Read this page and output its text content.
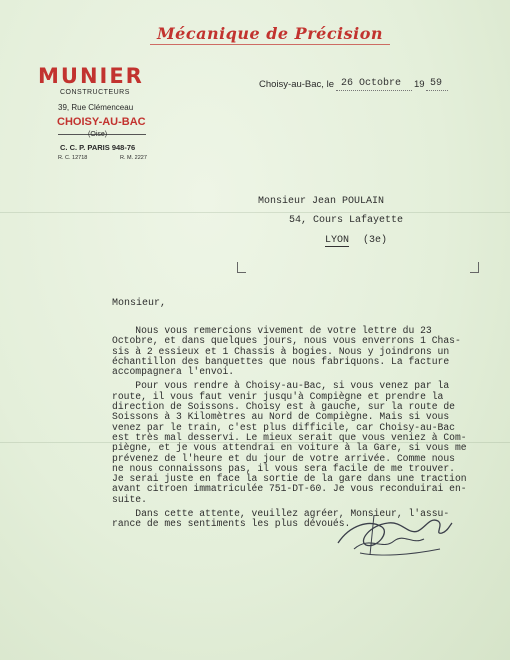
Mécanique de Précision
MUNIER
CONSTRUCTEURS
39, Rue Clémenceau
CHOISY-AU-BAC
(Oise)
C. C. P. PARIS 948-76
R. C. 12718	R. M. 2227
Choisy-au-Bac, le 26 Octobre 19 59
Monsieur Jean POULAIN
54, Cours Lafayette
LYON (3e)
Monsieur,
Nous vous remercions vivement de votre lettre du 23
Octobre, et dans quelques jours, nous vous enverrons 1 Chas-
sis à 2 essieux et 1 Chassis à bogies. Nous y joindrons un
échantillon des banquettes que nous fabriquons. La facture
accompagnera l'envoi.
Pour vous rendre à Choisy-au-Bac, si vous venez par la
route, il vous faut venir jusqu'à Compiègne et prendre la
direction de Soissons. Choisy est à gauche, sur la route de
Soissons à 3 Kilomètres au Nord de Compiègne. Mais si vous
venez par le train, c'est plus difficile, car Choisy-au-Bac
est très mal desservi. Le mieux serait que vous veniez à Com-
piègne, et je vous attendrai en voiture à la Gare, si vous me
prévenez de l'heure et du jour de votre arrivée. Comme nous
ne nous connaissons pas, il vous sera facile de me trouver.
Je serai juste en face la sortie de la gare dans une traction
avant citroen immatriculée 751-DT-60. Je vous reconduirai en-
suite.
Dans cette attente, veuillez agréer, Monsieur, l'assu-
rance de mes sentiments les plus dévoués.
